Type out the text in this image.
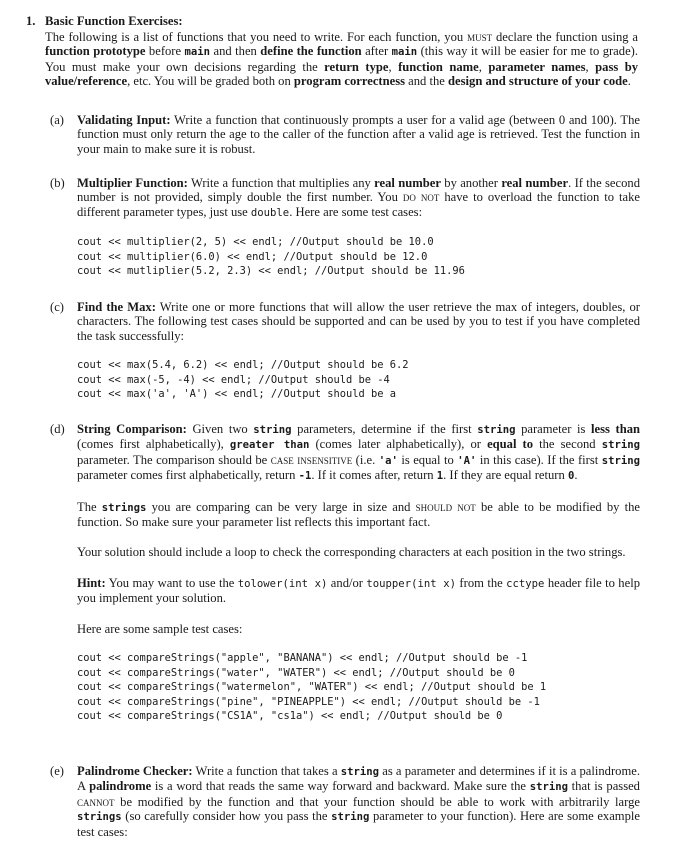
1. Basic Function Exercises:
The following is a list of functions that you need to write. For each function, you must declare the function using a function prototype before main and then define the function after main (this way it will be easier for me to grade). You must make your own decisions regarding the return type, function name, parameter names, pass by value/reference, etc. You will be graded both on program correctness and the design and structure of your code.
(a) Validating Input: Write a function that continuously prompts a user for a valid age (between 0 and 100). The function must only return the age to the caller of the function after a valid age is retrieved. Test the function in your main to make sure it is robust.

(b) Multiplier Function: Write a function that multiplies any real number by another real number. If the second number is not provided, simply double the first number. You do not have to overload the function to take different parameter types, just use double. Here are some test cases:

cout << multiplier(2, 5) << endl; //Output should be 10.0
cout << multiplier(6.0) << endl; //Output should be 12.0
cout << mutliplier(5.2, 2.3) << endl; //Output should be 11.96
(c) Find the Max: Write one or more functions that will allow the user retrieve the max of integers, doubles, or characters. The following test cases should be supported and can be used by you to test if you have completed the task successfully:

cout << max(5.4, 6.2) << endl; //Output should be 6.2
cout << max(-5, -4) << endl; //Output should be -4
cout << max('a', 'A') << endl; //Output should be a
(d) String Comparison: Given two string parameters, determine if the first string parameter is less than (comes first alphabetically), greater than (comes later alphabetically), or equal to the second string parameter. The comparison should be case insensitive (i.e. 'a' is equal to 'A' in this case). If the first string parameter comes first alphabetically, return -1. If it comes after, return 1. If they are equal return 0.

The strings you are comparing can be very large in size and should not be able to be modified by the function. So make sure your parameter list reflects this important fact.

Your solution should include a loop to check the corresponding characters at each position in the two strings.

Hint: You may want to use the tolower(int x) and/or toupper(int x) from the cctype header file to help you implement your solution.

Here are some sample test cases:

cout << compareStrings("apple", "BANANA") << endl; //Output should be -1
cout << compareStrings("water", "WATER") << endl; //Output should be 0
cout << compareStrings("watermelon", "WATER") << endl; //Output should be 1
cout << compareStrings("pine", "PINEAPPLE") << endl; //Output should be -1
cout << compareStrings("CS1A", "cs1a") << endl; //Output should be 0
(e) Palindrome Checker: Write a function that takes a string as a parameter and determines if it is a palindrome. A palindrome is a word that reads the same way forward and backward. Make sure the string that is passed cannot be modified by the function and that your function should be able to work with arbitrarily large strings (so carefully consider how you pass the string parameter to your function). Here are some example test cases:
